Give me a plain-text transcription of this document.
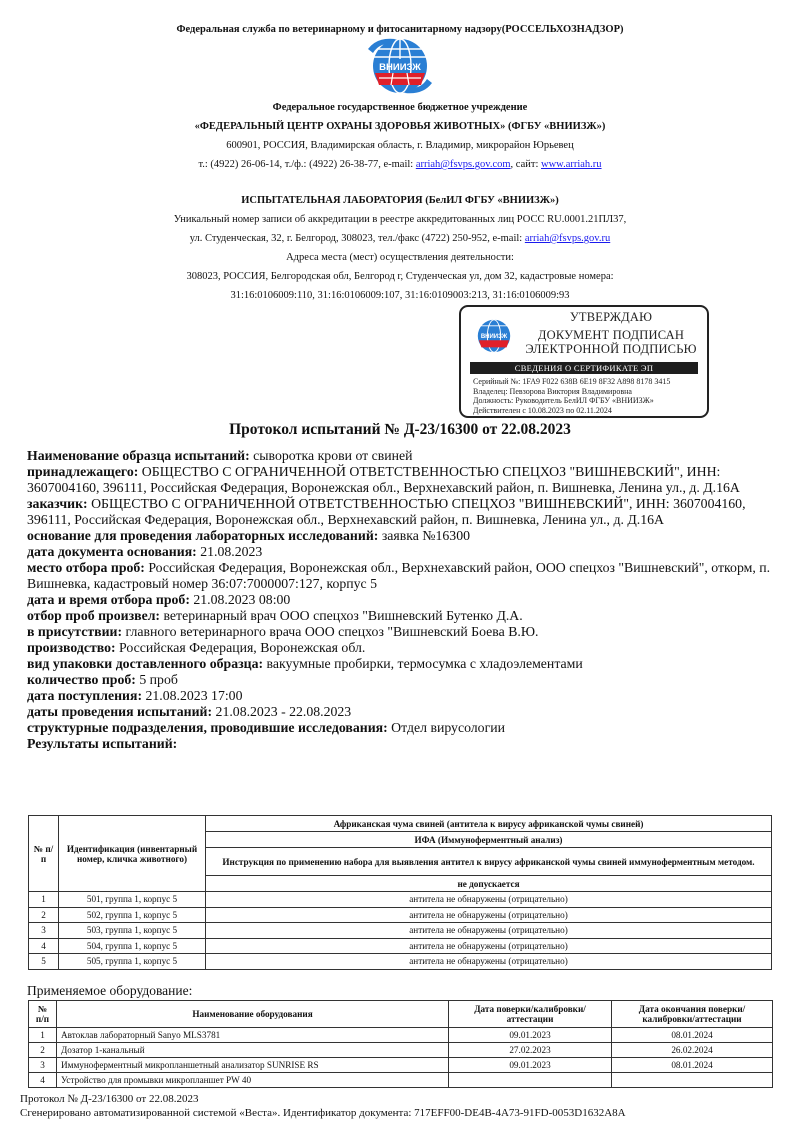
Федеральная служба по ветеринарному и фитосанитарному надзору(РОССЕЛЬХОЗНАДЗОР)
ВНИИЗЖ
Федеральное государственное бюджетное учреждение
«ФЕДЕРАЛЬНЫЙ ЦЕНТР ОХРАНЫ ЗДОРОВЬЯ ЖИВОТНЫХ» (ФГБУ «ВНИИЗЖ»)
600901, РОССИЯ, Владимирская область, г. Владимир, микрорайон Юрьевец
т.: (4922) 26-06-14, т./ф.: (4922) 26-38-77, e-mail: arriah@fsvps.gov.com, сайт: www.arriah.ru
ИСПЫТАТЕЛЬНАЯ ЛАБОРАТОРИЯ (БелИЛ ФГБУ «ВНИИЗЖ»)
Уникальный номер записи об аккредитации в реестре аккредитованных лиц РОСС RU.0001.21ПЛ37,
ул. Студенческая, 32, г. Белгород, 308023, тел./факс (4722) 250-952, e-mail: arriah@fsvps.gov.ru
Адреса места (мест) осуществления деятельности:
308023, РОССИЯ, Белгородская обл, Белгород г, Студенческая ул, дом 32, кадастровые номера:
31:16:0106009:110, 31:16:0106009:107, 31:16:0109003:213, 31:16:0106009:93
ВНИИЗЖ
УТВЕРЖДАЮ
ДОКУМЕНТ ПОДПИСАН
ЭЛЕКТРОННОЙ ПОДПИСЬЮ
СВЕДЕНИЯ О СЕРТИФИКАТЕ ЭП
Серийный №: 1FA9 F022 638B 6E19 8F32 A898 8178 3415
Владелец: Певзорова Виктория Владимировна
Должность: Руководитель БелИЛ ФГБУ «ВНИИЗЖ»
Действителен с 10.08.2023 по 02.11.2024
Протокол испытаний № Д-23/16300 от 22.08.2023
Наименование образца испытаний: сыворотка крови от свиней
принадлежащего: ОБЩЕСТВО С ОГРАНИЧЕННОЙ ОТВЕТСТВЕННОСТЬЮ СПЕЦХОЗ "ВИШНЕВСКИЙ", ИНН: 3607004160, 396111, Российская Федерация, Воронежская обл., Верхнехавский район, п. Вишневка, Ленина ул., д. Д.16А
заказчик: ОБЩЕСТВО С ОГРАНИЧЕННОЙ ОТВЕТСТВЕННОСТЬЮ СПЕЦХОЗ "ВИШНЕВСКИЙ", ИНН: 3607004160, 396111, Российская Федерация, Воронежская обл., Верхнехавский район, п. Вишневка, Ленина ул., д. Д.16А
основание для проведения лабораторных исследований: заявка №16300
дата документа основания: 21.08.2023
место отбора проб: Российская Федерация, Воронежская обл., Верхнехавский район, ООО спецхоз "Вишневский", откорм, п. Вишневка, кадастровый номер 36:07:7000007:127, корпус 5
дата и время отбора проб: 21.08.2023 08:00
отбор проб произвел: ветеринарный врач ООО спецхоз "Вишневский Бутенко Д.А.
в присутствии: главного ветеринарного врача ООО спецхоз "Вишневский Боева В.Ю.
производство: Российская Федерация, Воронежская обл.
вид упаковки доставленного образца: вакуумные пробирки, термосумка с хладоэлементами
количество проб: 5 проб
дата поступления: 21.08.2023 17:00
даты проведения испытаний: 21.08.2023 - 22.08.2023
структурные подразделения, проводившие исследования: Отдел вирусологии
Результаты испытаний:
№ п/п	Идентификация (инвентарный номер, кличка животного)	Африканская чума свиней (антитела к вирусу африканской чумы свиней)
		ИФА (Иммуноферментный анализ)
		Инструкция по применению набора для выявления антител к вирусу африканской чумы свиней иммуноферментным методом.
		не допускается
1	501, группа 1, корпус 5	антитела не обнаружены (отрицательно)
2	502, группа 1, корпус 5	антитела не обнаружены (отрицательно)
3	503, группа 1, корпус 5	антитела не обнаружены (отрицательно)
4	504, группа 1, корпус 5	антитела не обнаружены (отрицательно)
5	505, группа 1, корпус 5	антитела не обнаружены (отрицательно)
Применяемое оборудование:
№ п/п	Наименование оборудования	Дата поверки/калибровки/аттестации	Дата окончания поверки/калибровки/аттестации
1	Автоклав лабораторный Sanyo MLS3781	09.01.2023	08.01.2024
2	Дозатор 1-канальный	27.02.2023	26.02.2024
3	Иммуноферментный микропланшетный анализатор SUNRISE RS	09.01.2023	08.01.2024
4	Устройство для промывки микропланшет PW 40		
Протокол № Д-23/16300 от 22.08.2023
Сгенерировано автоматизированной системой «Веста». Идентификатор документа: 717EFF00-DE4B-4A73-91FD-0053D1632A8A
